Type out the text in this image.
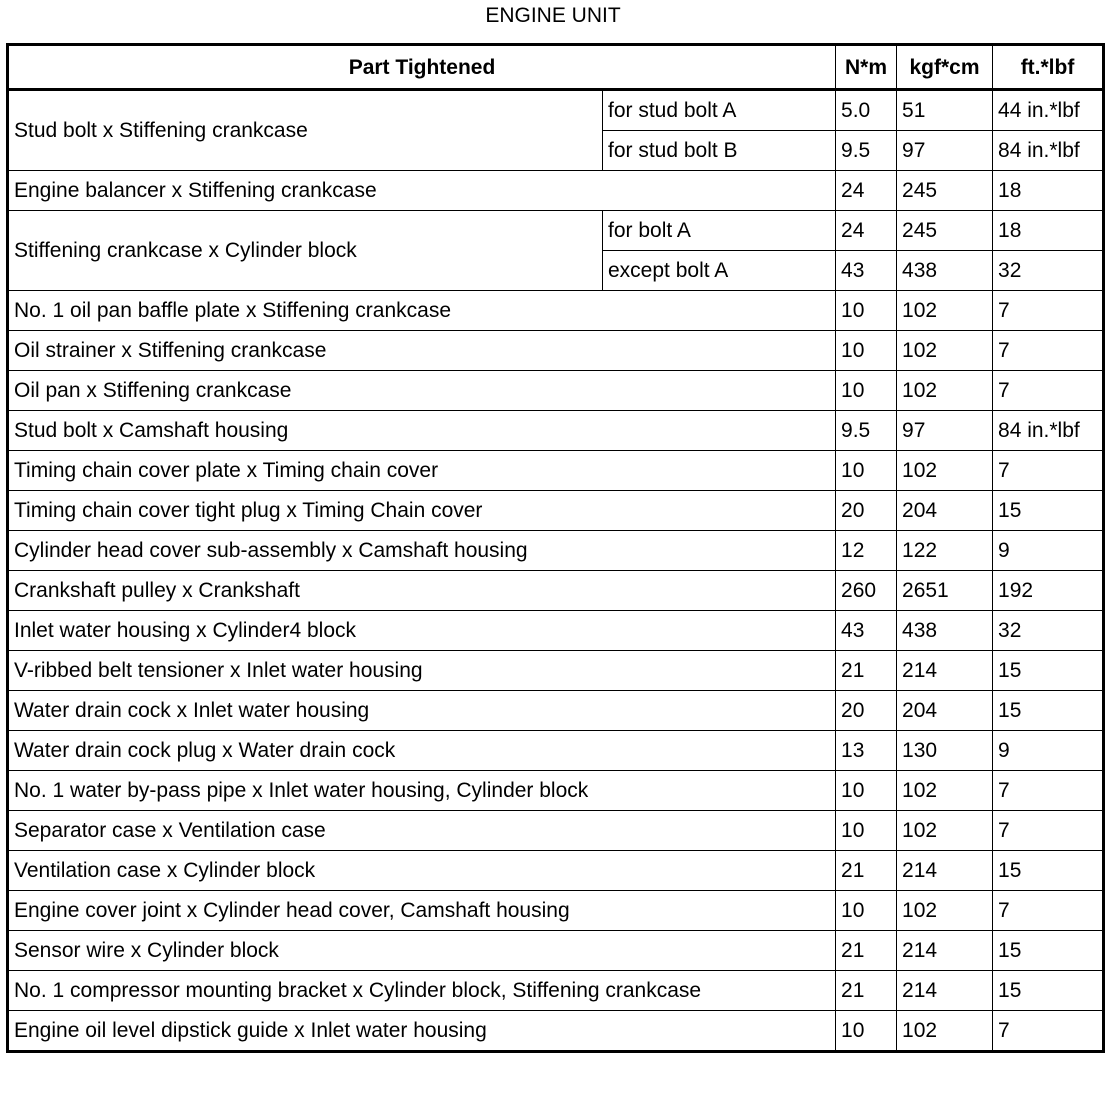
ENGINE UNIT
Part Tightened		N*m	kgf*cm	ft.*lbf
Stud bolt x Stiffening crankcase	for stud bolt A	5.0	51	44 in.*lbf
	for stud bolt B	9.5	97	84 in.*lbf
Engine balancer x Stiffening crankcase		24	245	18
Stiffening crankcase x Cylinder block	for bolt A	24	245	18
	except bolt A	43	438	32
No. 1 oil pan baffle plate x Stiffening crankcase		10	102	7
Oil strainer x Stiffening crankcase		10	102	7
Oil pan x Stiffening crankcase		10	102	7
Stud bolt x Camshaft housing		9.5	97	84 in.*lbf
Timing chain cover plate x Timing chain cover		10	102	7
Timing chain cover tight plug x Timing Chain cover		20	204	15
Cylinder head cover sub-assembly x Camshaft housing		12	122	9
Crankshaft pulley x Crankshaft		260	2651	192
Inlet water housing x Cylinder4 block		43	438	32
V-ribbed belt tensioner x Inlet water housing		21	214	15
Water drain cock x Inlet water housing		20	204	15
Water drain cock plug x Water drain cock		13	130	9
No. 1 water by-pass pipe x Inlet water housing, Cylinder block		10	102	7
Separator case x Ventilation case		10	102	7
Ventilation case x Cylinder block		21	214	15
Engine cover joint x Cylinder head cover, Camshaft housing		10	102	7
Sensor wire x Cylinder block		21	214	15
No. 1 compressor mounting bracket x Cylinder block, Stiffening crankcase		21	214	15
Engine oil level dipstick guide x Inlet water housing		10	102	7
